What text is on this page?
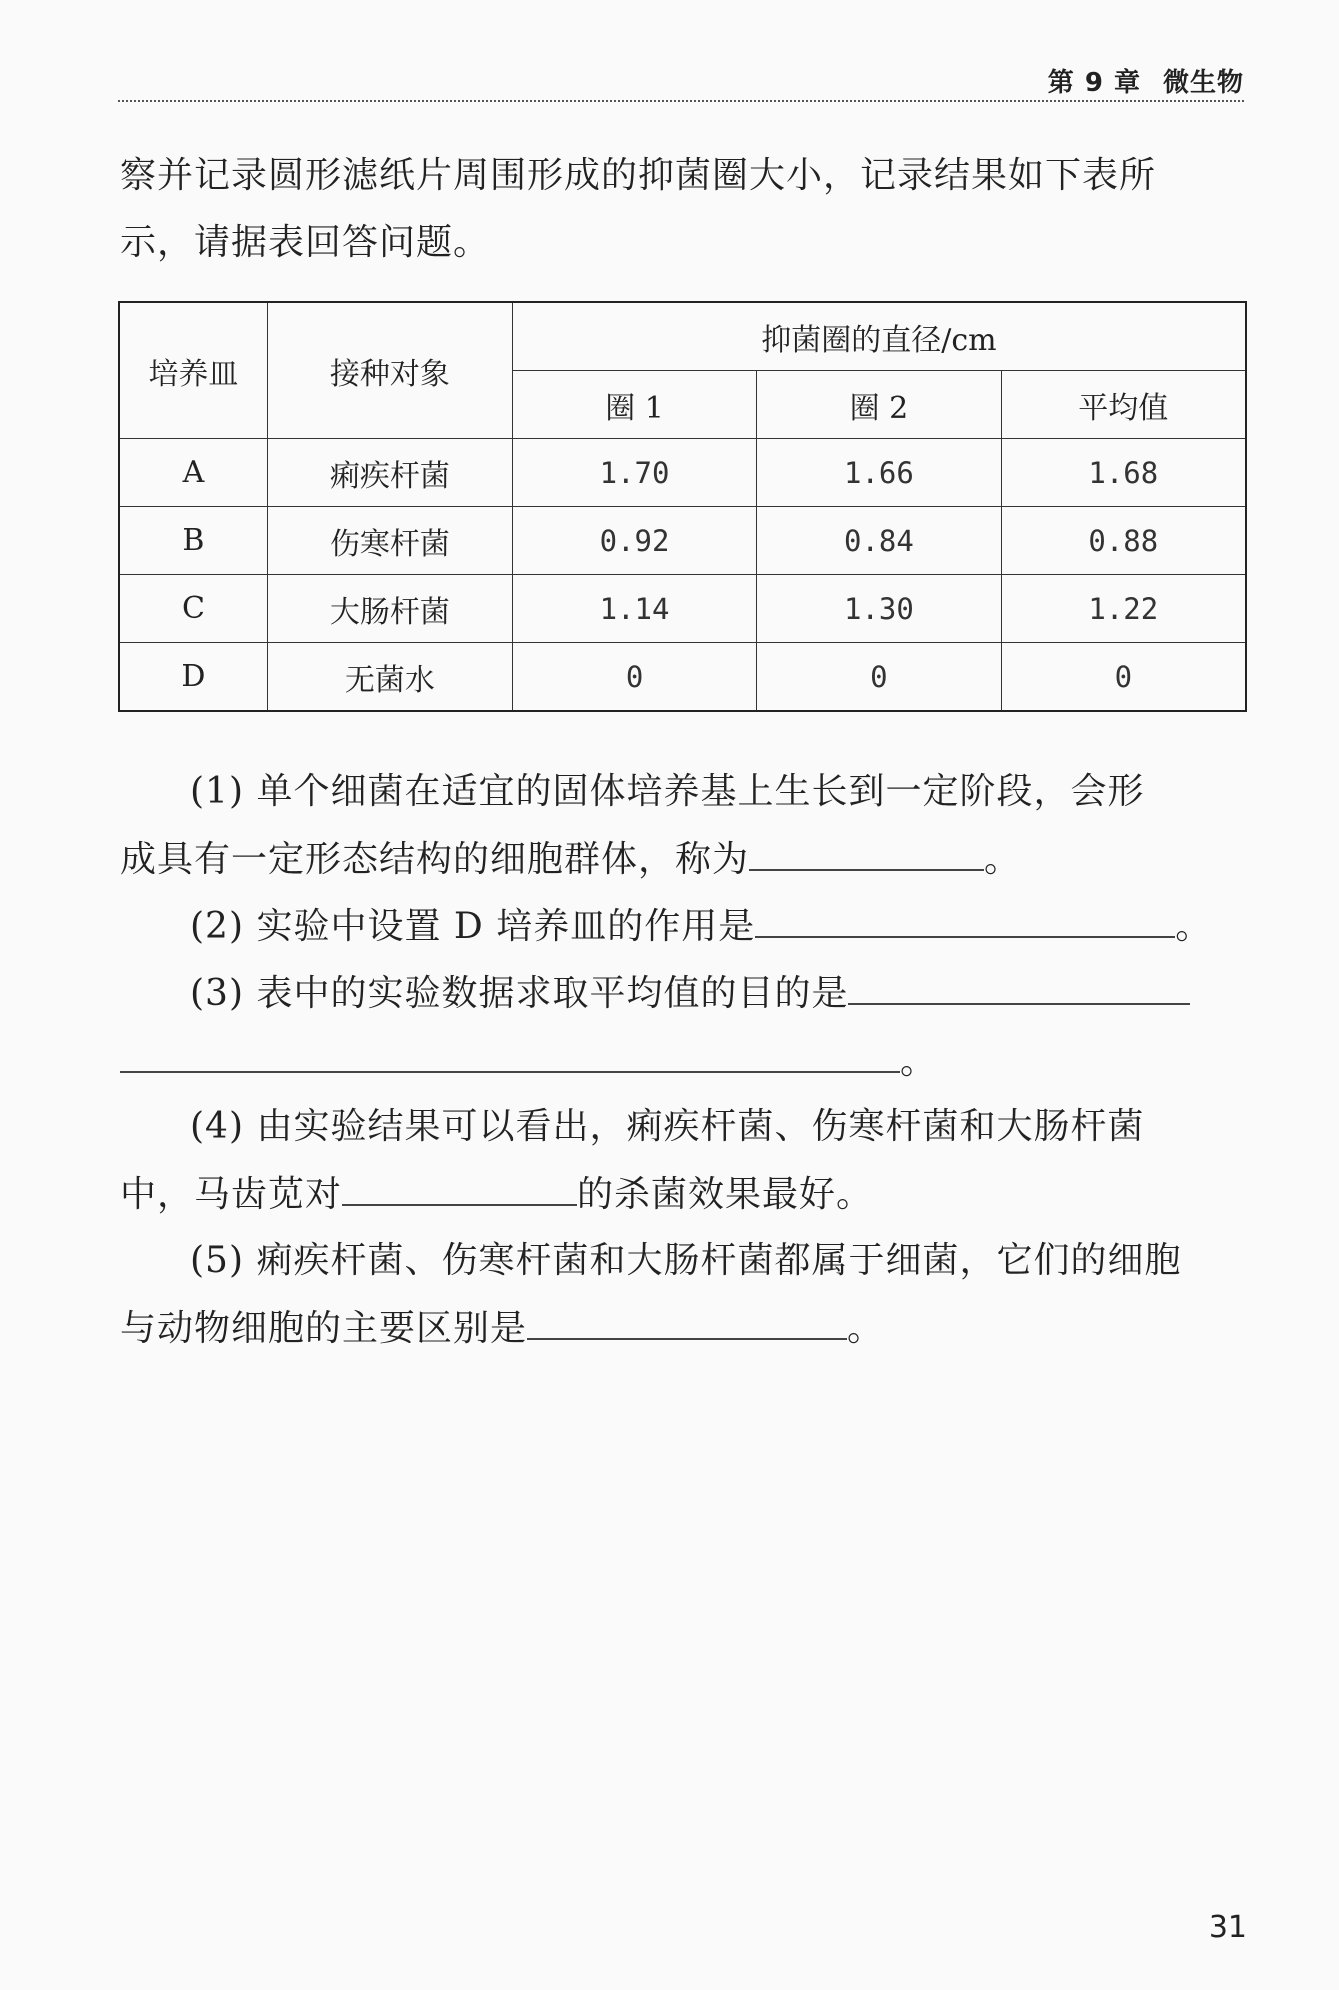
第 9 章 微生物
察并记录圆形滤纸片周围形成的抑菌圈大小，记录结果如下表所
示，请据表回答问题。
培养皿	接种对象	抑菌圈的直径/cm		
		圈 1	圈 2	平均值
A	痢疾杆菌	1.70	1.66	1.68
B	伤寒杆菌	0.92	0.84	0.88
C	大肠杆菌	1.14	1.30	1.22
D	无菌水	0	0	0
(1) 单个细菌在适宜的固体培养基上生长到一定阶段，会形
成具有一定形态结构的细胞群体，称为	。
(2) 实验中设置 D 培养皿的作用是	。
(3) 表中的实验数据求取平均值的目的是
。
(4) 由实验结果可以看出，痢疾杆菌、伤寒杆菌和大肠杆菌
中，马齿苋对	的杀菌效果最好。
(5) 痢疾杆菌、伤寒杆菌和大肠杆菌都属于细菌，它们的细胞
与动物细胞的主要区别是	。
31
